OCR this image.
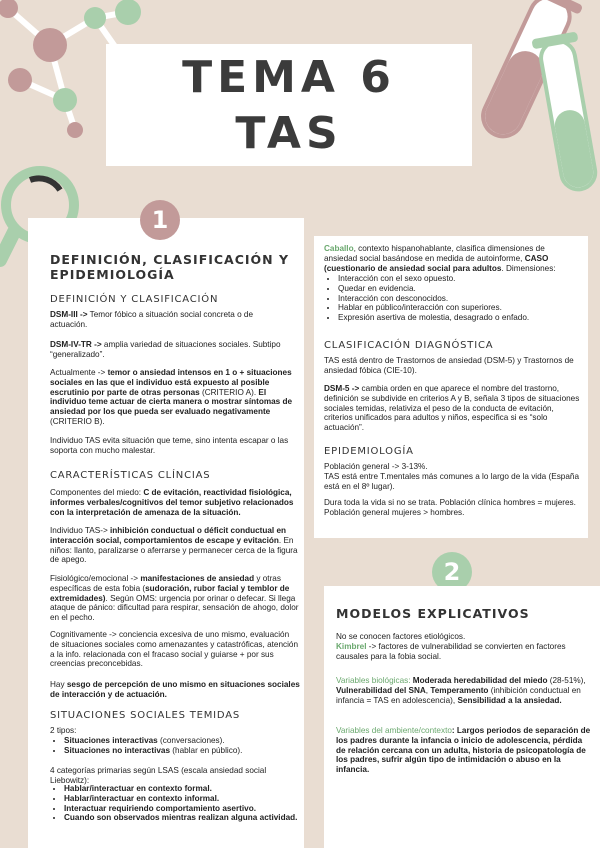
TEMA 6
TAS
1
DEFINICIÓN, CLASIFICACIÓN Y EPIDEMIOLOGÍA
DEFINICIÓN Y CLASIFICACIÓN
DSM-III -> Temor fóbico a situación social concreta o de actuación.
DSM-IV-TR -> amplia variedad de situaciones sociales. Subtipo “generalizado”.
Actualmente -> temor o ansiedad intensos en 1 o + situaciones sociales en las que el individuo está expuesto al posible escrutinio por parte de otras personas (CRITERIO A). El individuo teme actuar de cierta manera o mostrar síntomas de ansiedad por los que pueda ser evaluado negativamente (CRITERIO B).
Individuo TAS evita situación que teme, sino intenta escapar o las soporta con mucho malestar.
CARACTERÍSTICAS CLÍNCIAS
Componentes del miedo: C de evitación, reactividad fisiológica, informes verbales/cognitivos del temor subjetivo relacionados con la interpretación de amenaza de la situación.
Individuo TAS-> inhibición conductual o déficit conductual en interacción social, comportamientos de escape y evitación. En niños: llanto, paralizarse o aferrarse y permanecer cerca de la figura de apego.
Fisiológico/emocional -> manifestaciones de ansiedad y otras específicas de esta fobia (sudoración, rubor facial y temblor de extremidades). Según OMS: urgencia por orinar o defecar. Si llega ataque de pánico: dificultad para respirar, sensación de ahogo, dolor en el pecho.
Cognitivamente -> conciencia excesiva de uno mismo, evaluación de situaciones sociales como amenazantes y catastróficas, atención a la info. relacionada con el fracaso social y guiarse + por sus creencias preconcebidas.
Hay sesgo de percepción de uno mismo en situaciones sociales de interacción y de actuación.
SITUACIONES SOCIALES TEMIDAS
2 tipos:
• Situaciones interactivas (conversaciones).
• Situaciones no interactivas (hablar en público).
4 categorías primarias según LSAS (escala ansiedad social Liebowitz):
• Hablar/interactuar en contexto formal.
• Hablar/interactuar en contexto informal.
• Interactuar requiriendo comportamiento asertivo.
• Cuando son observados mientras realizan alguna actividad.
Caballo, contexto hispanohablante, clasifica dimensiones de ansiedad social basándose en medida de autoinforme, CASO (cuestionario de ansiedad social para adultos. Dimensiones:
• Interacción con el sexo opuesto.
• Quedar en evidencia.
• Interacción con desconocidos.
• Hablar en público/interacción con superiores.
• Expresión asertiva de molestia, desagrado o enfado.
CLASIFICACIÓN DIAGNÓSTICA
TAS está dentro de Trastornos de ansiedad (DSM-5) y Trastornos de ansiedad fóbica (CIE-10).
DSM-5 -> cambia orden en que aparece el nombre del trastorno, definición se subdivide en criterios A y B, señala 3 tipos de situaciones sociales temidas, relativiza el peso de la conducta de evitación, criterios unificados para adultos y niños, especifica si es “solo actuación”.
EPIDEMIOLOGÍA
Población general -> 3-13%.
TAS está entre T.mentales más comunes a lo largo de la vida (España está en el 8º lugar).
Dura toda la vida si no se trata. Población clínica hombres = mujeres. Población general mujeres > hombres.
2
MODELOS EXPLICATIVOS
No se conocen factores etiológicos.
Kimbrel -> factores de vulnerabilidad se convierten en factores causales para la fobia social.
Variables biológicas: Moderada heredabilidad del miedo (28-51%), Vulnerabilidad del SNA, Temperamento (inhibición conductual en infancia = TAS en adolescencia), Sensibilidad a la ansiedad.
Variables del ambiente/contexto: Largos periodos de separación de los padres durante la infancia o inicio de adolescencia, pérdida de relación cercana con un adulta, historia de psicopatología de los padres, sufrir algún tipo de intimidación o abuso en la infancia.
